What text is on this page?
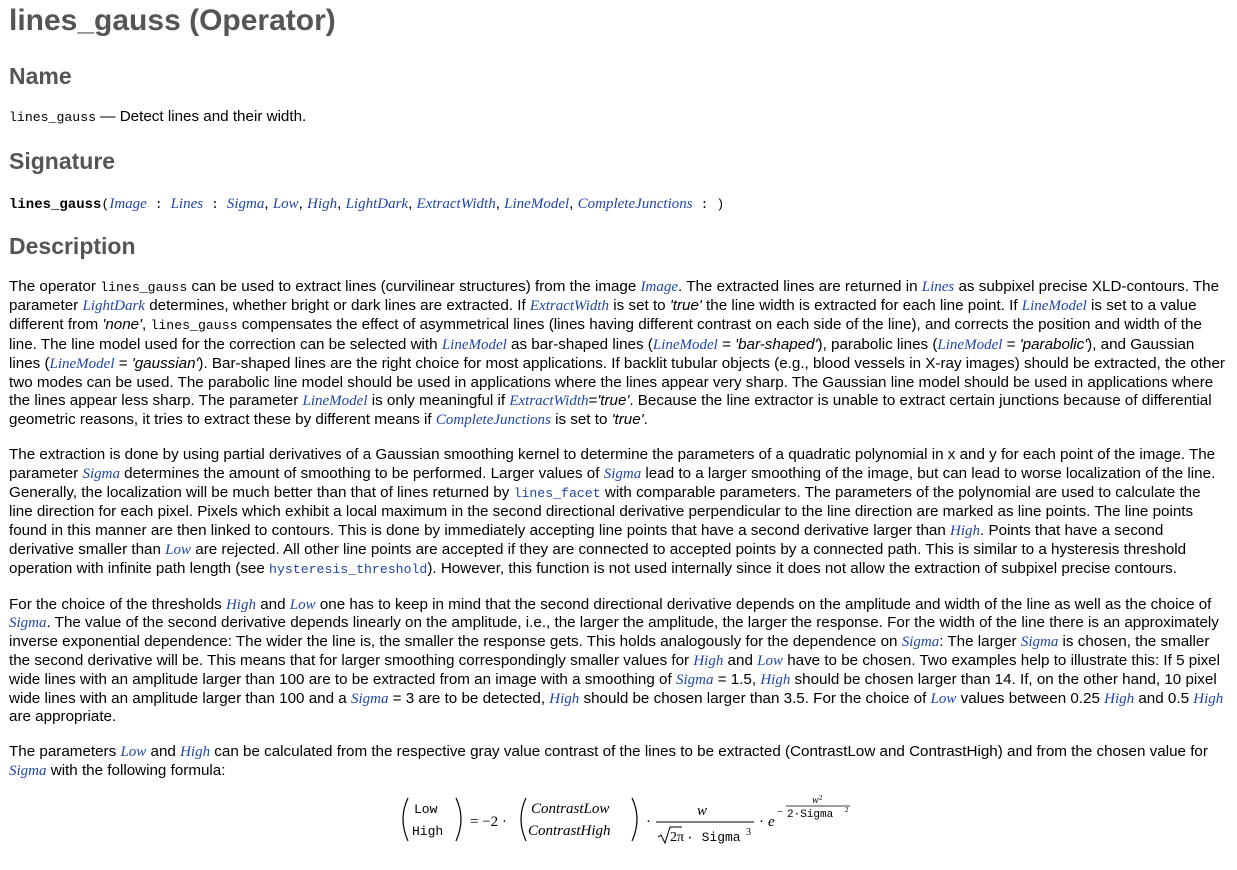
lines_gauss (Operator)
Name

lines_gauss — Detect lines and their width.

Signature

lines_gauss(Image : Lines : Sigma, Low, High, LightDark, ExtractWidth, LineModel, CompleteJunctions : )

Description

The operator lines_gauss can be used to extract lines (curvilinear structures) from the image Image. The extracted lines are returned in Lines as subpixel precise XLD-contours. The parameter LightDark determines, whether bright or dark lines are extracted. If ExtractWidth is set to 'true' the line width is extracted for each line point. If LineModel is set to a value different from 'none', lines_gauss compensates the effect of asymmetrical lines (lines having different contrast on each side of the line), and corrects the position and width of the line. The line model used for the correction can be selected with LineModel as bar-shaped lines (LineModel = 'bar-shaped'), parabolic lines (LineModel = 'parabolic'), and Gaussian lines (LineModel = 'gaussian'). Bar-shaped lines are the right choice for most applications. If backlit tubular objects (e.g., blood vessels in X-ray images) should be extracted, the other two modes can be used. The parabolic line model should be used in applications where the lines appear very sharp. The Gaussian line model should be used in applications where the lines appear less sharp. The parameter LineModel is only meaningful if ExtractWidth='true'. Because the line extractor is unable to extract certain junctions because of differential geometric reasons, it tries to extract these by different means if CompleteJunctions is set to 'true'.

The extraction is done by using partial derivatives of a Gaussian smoothing kernel to determine the parameters of a quadratic polynomial in x and y for each point of the image. The parameter Sigma determines the amount of smoothing to be performed. Larger values of Sigma lead to a larger smoothing of the image, but can lead to worse localization of the line. Generally, the localization will be much better than that of lines returned by lines_facet with comparable parameters. The parameters of the polynomial are used to calculate the line direction for each pixel. Pixels which exhibit a local maximum in the second directional derivative perpendicular to the line direction are marked as line points. The line points found in this manner are then linked to contours. This is done by immediately accepting line points that have a second derivative larger than High. Points that have a second derivative smaller than Low are rejected. All other line points are accepted if they are connected to accepted points by a connected path. This is similar to a hysteresis threshold operation with infinite path length (see hysteresis_threshold). However, this function is not used internally since it does not allow the extraction of subpixel precise contours.

For the choice of the thresholds High and Low one has to keep in mind that the second directional derivative depends on the amplitude and width of the line as well as the choice of Sigma. The value of the second derivative depends linearly on the amplitude, i.e., the larger the amplitude, the larger the response. For the width of the line there is an approximately inverse exponential dependence: The wider the line is, the smaller the response gets. This holds analogously for the dependence on Sigma: The larger Sigma is chosen, the smaller the second derivative will be. This means that for larger smoothing correspondingly smaller values for High and Low have to be chosen. Two examples help to illustrate this: If 5 pixel wide lines with an amplitude larger than 100 are to be extracted from an image with a smoothing of Sigma = 1.5, High should be chosen larger than 14. If, on the other hand, 10 pixel wide lines with an amplitude larger than 100 and a Sigma = 3 are to be detected, High should be chosen larger than 3.5. For the choice of Low values between 0.25 High and 0.5 High are appropriate.

The parameters Low and High can be calculated from the respective gray value contrast of the lines to be extracted (ContrastLow and ContrastHigh) and from the chosen value for Sigma with the following formula:

Low
High
= −2 ·
ContrastLow
ContrastHigh
·
w
2π · Sigma 3
· e
−
w 2
2·Sigma 2
